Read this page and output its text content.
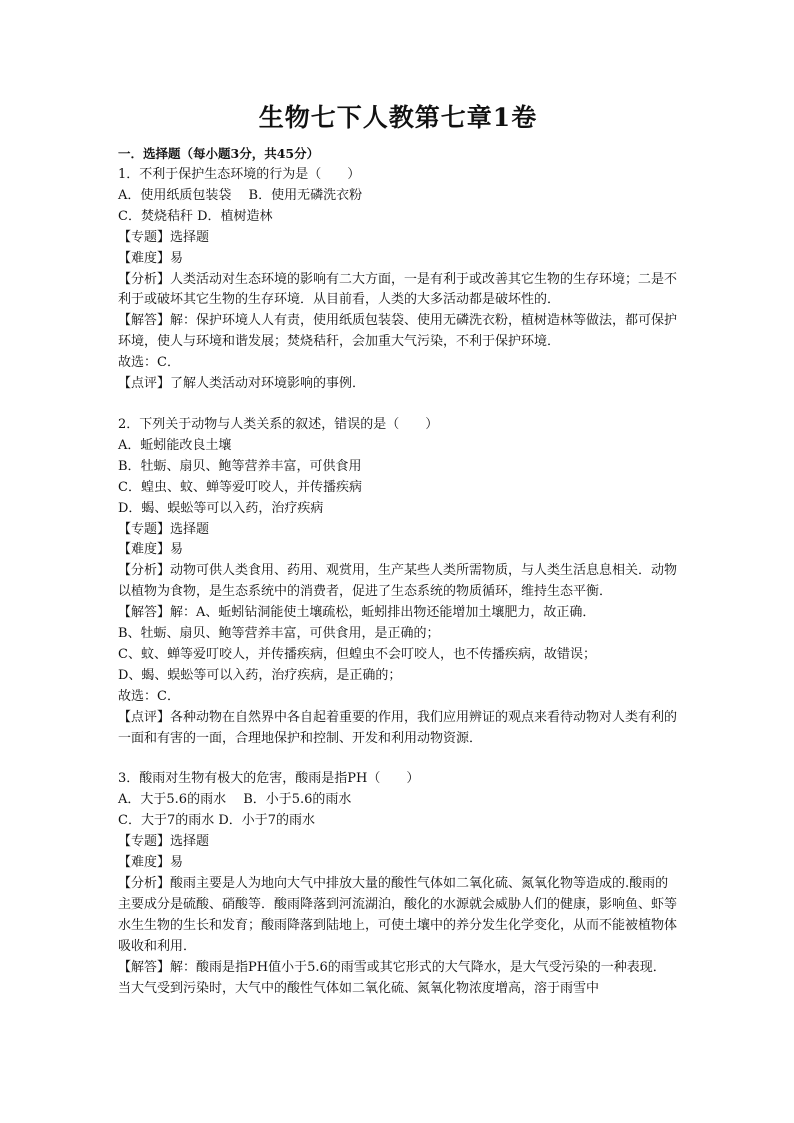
生物七下人教第七章1卷

一．选择题（每小题3分，共45分）

1．不利于保护生态环境的行为是（　　）

A．使用纸质包装袋　 B．使用无磷洗衣粉

C．焚烧秸秆 D．植树造林

【专题】选择题

【难度】易

【分析】人类活动对生态环境的影响有二大方面，一是有利于或改善其它生物的生存环境；二是不利于或破坏其它生物的生存环境．从目前看，人类的大多活动都是破坏性的．

【解答】解：保护环境人人有责，使用纸质包装袋、使用无磷洗衣粉，植树造林等做法，都可保护环境，使人与环境和谐发展；焚烧秸秆，会加重大气污染，不利于保护环境．

故选：C．

【点评】了解人类活动对环境影响的事例．

2．下列关于动物与人类关系的叙述，错误的是（　　）

A．蚯蚓能改良土壤

B．牡蛎、扇贝、鲍等营养丰富，可供食用

C．蝗虫、蚊、蝉等爱叮咬人，并传播疾病

D．蝎、蜈蚣等可以入药，治疗疾病

【专题】选择题

【难度】易

【分析】动物可供人类食用、药用、观赏用，生产某些人类所需物质，与人类生活息息相关．动物以植物为食物，是生态系统中的消费者，促进了生态系统的物质循环，维持生态平衡．

【解答】解：A、蚯蚓钻洞能使土壤疏松，蚯蚓排出物还能增加土壤肥力，故正确．

B、牡蛎、扇贝、鲍等营养丰富，可供食用，是正确的；

C、蚊、蝉等爱叮咬人，并传播疾病，但蝗虫不会叮咬人，也不传播疾病，故错误；

D、蝎、蜈蚣等可以入药，治疗疾病，是正确的；

故选：C．

【点评】各种动物在自然界中各自起着重要的作用，我们应用辨证的观点来看待动物对人类有利的一面和有害的一面，合理地保护和控制、开发和利用动物资源．

3．酸雨对生物有极大的危害，酸雨是指PH（　　）

A．大于5.6的雨水　 B．小于5.6的雨水

C．大于7的雨水 D．小于7的雨水

【专题】选择题

【难度】易

【分析】酸雨主要是人为地向大气中排放大量的酸性气体如二氧化硫、氮氧化物等造成的.酸雨的主要成分是硫酸、硝酸等．酸雨降落到河流湖泊，酸化的水源就会威胁人们的健康，影响鱼、虾等水生生物的生长和发育；酸雨降落到陆地上，可使土壤中的养分发生化学变化，从而不能被植物体吸收和利用．

【解答】解：酸雨是指PH值小于5.6的雨雪或其它形式的大气降水，是大气受污染的一种表现．当大气受到污染时，大气中的酸性气体如二氧化硫、氮氧化物浓度增高，溶于雨雪中
